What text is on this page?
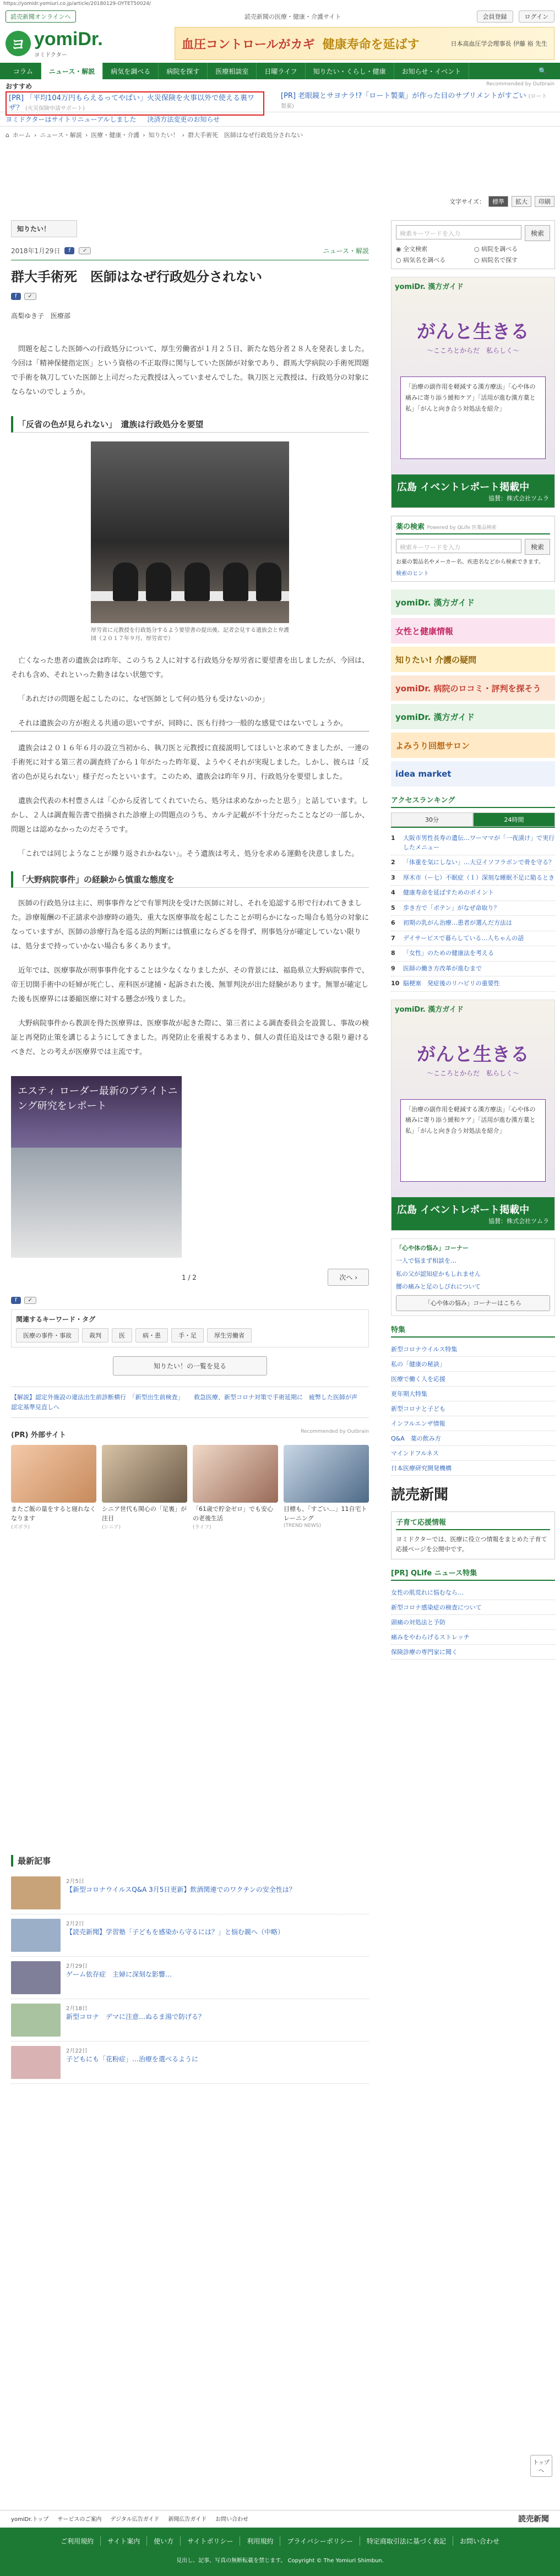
https://yomidr.yomiuri.co.jp/article/20180129-OYTET50024/
読売新聞オンラインへ	読売新聞の医療・健康・介護サイト	会員登録	ログイン
ヨ yomiDr.
ヨミドクター
血圧コントロールがカギ 健康寿命を延ばす	日本高血圧学会理事長 伊藤 裕 先生
コラム	ニュース・解説	病気を調べる	病院を探す	医療相談室	日曜ライフ	知りたい・くらし・健康	お知らせ・イベント	🔍
おすすめ	Recommended by Outbrain
[PR] 「平均104万円もらえるってやばい」火災保険を火事以外で使える裏ワザ？ (火災保険申請サポート)
[PR] 老眼鏡とサヨナラ!?「ロート製薬」が作った目のサプリメントがすごい (ロート製薬)
ヨミドクターはサイトリニューアルしました 決済方法変更のお知らせ
⌂ ホーム › ニュース・解説 › 医療・健康・介護 › 知りたい！ › 群大手術死　医師はなぜ行政処分されない
文字サイズ：	標準	拡大	印刷
知りたい！
2018年1月29日	f	✓	ニュース・解説
群大手術死　医師はなぜ行政処分されない
f	✓
高梨ゆき子　医療部

問題を起こした医師への行政処分について、厚生労働省が１月２５日、新たな処分者２８人を発表しました。今回は「精神保健指定医」という資格の不正取得に関与していた医師が対象であり、群馬大学病院の手術死問題で手術を執刀していた医師と上司だった元教授は入っていませんでした。執刀医と元教授は、行政処分の対象にならないのでしょうか。

「反省の色が見られない」　遺族は行政処分を要望
厚労省に元教授を行政処分するよう要望書の提出後、記者会見する遺族会と弁護団（２０１７年９月、厚労省で）

亡くなった患者の遺族会は昨年、このうち２人に対する行政処分を厚労省に要望書を出しましたが、今回は、それも含め、それといった動きはない状態です。

「あれだけの問題を起こしたのに、なぜ医師として何の処分も受けないのか」

それは遺族会の方が抱える共通の思いですが、同時に、医も行持つ一般的な感覚ではないでしょうか。

遺族会は２０１６年６月の設立当初から、執刀医と元教授に直接説明してほしいと求めてきましたが、一連の手術死に対する第三者の調査終了から１年がたった昨年夏、ようやくそれが実現しました。しかし、彼らは「反省の色が見られない」様子だったといいます。このため、遺族会は昨年９月、行政処分を要望しました。

遺族会代表の木村豊さんは「心から反省してくれていたら、処分は求めなかったと思う」と話しています。しかし、２人は調査報告書で指摘された診療上の問題点のうち、カルテ記載が不十分だったことなどの一部しか、問題とは認めなかったのだそうです。

「これでは同じようなことが繰り返されかねない」。そう遺族は考え、処分を求める運動を決意しました。

「大野病院事件」の経験から慎重な態度を

医師の行政処分は主に、刑事事件などで有罪判決を受けた医師に対し、それを追認する形で行われてきました。診療報酬の不正請求や診療時の過失、重大な医療事故を起こしたことが明らかになった場合も処分の対象になっていますが、医師の診療行為を巡る法的判断には慎重にならざるを得ず、刑事処分が確定していない限りは、処分まで持っていかない場合も多くあります。

近年では、医療事故が刑事事件化することは少なくなりましたが、その背景には、福島県立大野病院事件で、帝王切開手術中の妊婦が死亡し、産科医が逮捕・起訴された後、無罪判決が出た経験があります。無罪が確定した後も医療界には萎縮医療に対する懸念が残りました。

大野病院事件から教訓を得た医療界は、医療事故が起きた際に、第三者による調査委員会を設置し、事故の検証と再発防止策を講じるようにしてきました。再発防止を重視するあまり、個人の責任追及はできる限り避けるべきだ、との考えが医療界では主流です。

エスティ ローダー最新のブライトニング研究をレポート
1 / 2	次へ ›
f	✓
関連するキーワード・タグ
医療の事件・事故	裁判	医	病・患	手・足	厚生労働省
知りたい！の一覧を見る
【解説】認定外施設の違法出生前診断横行　「新型出生前検査」認定基準見直しへ
救急医療、新型コロナ対策で手術延期に　疲弊した医師が声
(PR) 外部サイト	Recommended by Outbrain
またご飯の量をすると寝れなくなります
(ズボラ)
シニア世代も関心の「足裏」が注目
(シニア)
「61歳で貯金ゼロ」でも安心の老後生活
(ライフ)
目標も、「すごい…」11自宅トレーニング
(TREND NEWS)
最新記事
2月5日
【新型コロナウイルスQ&A 3月5日更新】飲酒関連でのワクチンの安全性は？
2月2日
【読売新聞】学習塾「子どもを感染から守るには？」と悩む親へ（中略）
2月29日
ゲーム依存症　主婦に深刻な影響…
2月18日
新型コロナ　デマに注意…ぬるま湯で防げる？
2月22日
子どもにも「花粉症」…治療を選べるように
検索キーワードを入力	検索
◉ 全文検索	○ 病院を調べる
○ 病気名を調べる	○ 病院名で探す
yomiDr. 漢方ガイド
がんと生きる
〜こころとからだ　私らしく〜
「治療の副作用を軽減する漢方療法」「心や体の痛みに寄り添う緩和ケア」「活用が進む漢方薬と私」「がんと向き合う対処法を紹介」
広島 イベントレポート掲載中
協賛：株式会社ツムラ
薬の検索 Powered by QLife 医薬品検索
検索キーワードを入力	検索

お薬の製品名やメーカー名、疾患名などから検索できます。

検索のヒント

yomiDr. 漢方ガイド
女性と健康情報
知りたい! 介護の疑問
yomiDr. 病院のロコミ・評判を探そう
yomiDr. 漢方ガイド
よみうり回想サロン
idea market
アクセスランキング
30分	24時間
1	大阪市男性長寿の遺伝…ワーママが「一夜漬け」で実行したメニュー
2	「体重を気にしない」…大豆イソフラボンで骨を守る？
3	厚木市（ー七）不眠症（１）深刻な睡眠不足に陥るとき
4	健康寿命を延ばすためのポイント
5	歩き方で「ポテン」がなぜ命取り？
6	初期の乳がん治療…患者が選んだ方法は
7	デイサービスで暮らしている…人ちゃんの話
8	「女性」のための健康法を考える
9	医師の働き方改革が進むまで
10 脳梗塞　発症後のリハビリの重要性
yomiDr. 漢方ガイド
がんと生きる
〜こころとからだ　私らしく〜
「治療の副作用を軽減する漢方療法」「心や体の痛みに寄り添う緩和ケア」「活用が進む漢方薬と私」「がんと向き合う対処法を紹介」
広島 イベントレポート掲載中
協賛：株式会社ツムラ
「心や体の悩み」コーナー
一人で悩まず相談を…
私の父が認知症かもしれません
腰の痛みと足のしびれについて
「心や体の悩み」コーナーはこちら
特集
新型コロナウイルス特集
私の「健康の秘訣」
医療で働く人を応援
更年期大特集
新型コロナと子ども
インフルエンザ情報
Q&A　薬の飲み方
マインドフルネス
日本医療研究開発機構
読売新聞
子育て応援情報

ヨミドクターでは、医療に役立つ情報をまとめた子育て応援ページを公開中です。

[PR] QLife ニュース特集
女性の肌荒れに悩むなら…
新型コロナ感染症の検査について
頭痛の対処法と予防
痛みをやわらげるストレッチ
保険診療の専門家に聞く
トップへ
yomiDr.トップ サービスのご案内 デジタル広告ガイド 新聞広告ガイド お問い合わせ	読売新聞
ご利用規約	サイト案内	使い方	サイトポリシー	利用規約	プライバシーポリシー	特定商取引法に基づく表記	お問い合わせ
見出し、記事、写真の無断転載を禁じます。 Copyright © The Yomiuri Shimbun.
